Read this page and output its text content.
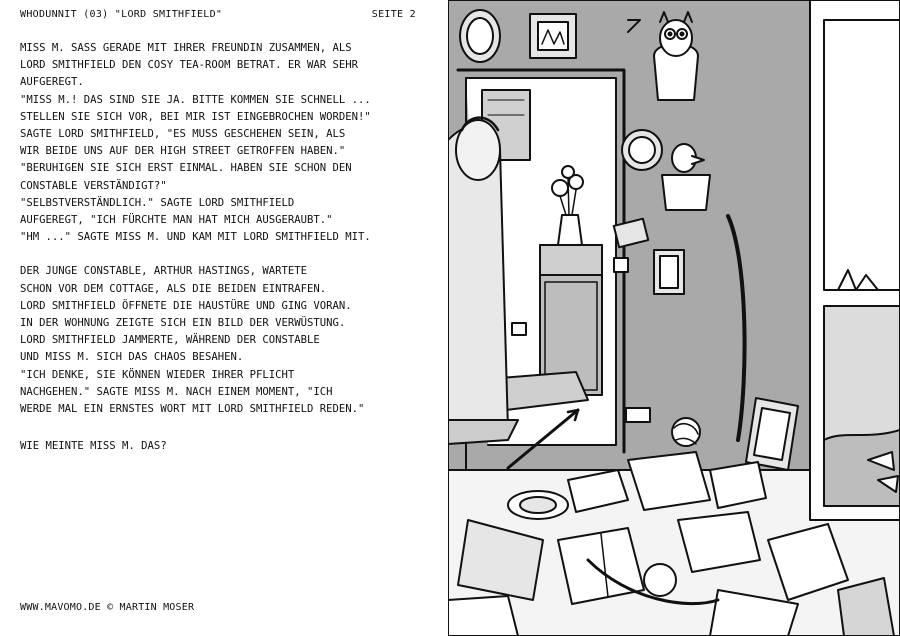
WHODUNNIT (03) "LORD SMITHFIELD"	SEITE 2
MISS M. SASS GERADE MIT IHRER FREUNDIN ZUSAMMEN, ALS
LORD SMITHFIELD DEN COSY TEA-ROOM BETRAT. ER WAR SEHR
AUFGEREGT.
"MISS M.! DAS SIND SIE JA. BITTE KOMMEN SIE SCHNELL ...
STELLEN SIE SICH VOR, BEI MIR IST EINGEBROCHEN WORDEN!"
SAGTE LORD SMITHFIELD, "ES MUSS GESCHEHEN SEIN, ALS
WIR BEIDE UNS AUF DER HIGH STREET GETROFFEN HABEN."
"BERUHIGEN SIE SICH ERST EINMAL. HABEN SIE SCHON DEN
CONSTABLE VERSTÄNDIGT?"
"SELBSTVERSTÄNDLICH." SAGTE LORD SMITHFIELD
AUFGEREGT, "ICH FÜRCHTE MAN HAT MICH AUSGERAUBT."
"HM ..." SAGTE MISS M. UND KAM MIT LORD SMITHFIELD MIT.
DER JUNGE CONSTABLE, ARTHUR HASTINGS, WARTETE
SCHON VOR DEM COTTAGE, ALS DIE BEIDEN EINTRAFEN.
LORD SMITHFIELD ÖFFNETE DIE HAUSTÜRE UND GING VORAN.
IN DER WOHNUNG ZEIGTE SICH EIN BILD DER VERWÜSTUNG.
LORD SMITHFIELD JAMMERTE, WÄHREND DER CONSTABLE
UND MISS M. SICH DAS CHAOS BESAHEN.
"ICH DENKE, SIE KÖNNEN WIEDER IHRER PFLICHT
NACHGEHEN." SAGTE MISS M. NACH EINEM MOMENT, "ICH
WERDE MAL EIN ERNSTES WORT MIT LORD SMITHFIELD REDEN."
WIE MEINTE MISS M. DAS?
WWW.MAVOMO.DE © MARTIN MOSER
